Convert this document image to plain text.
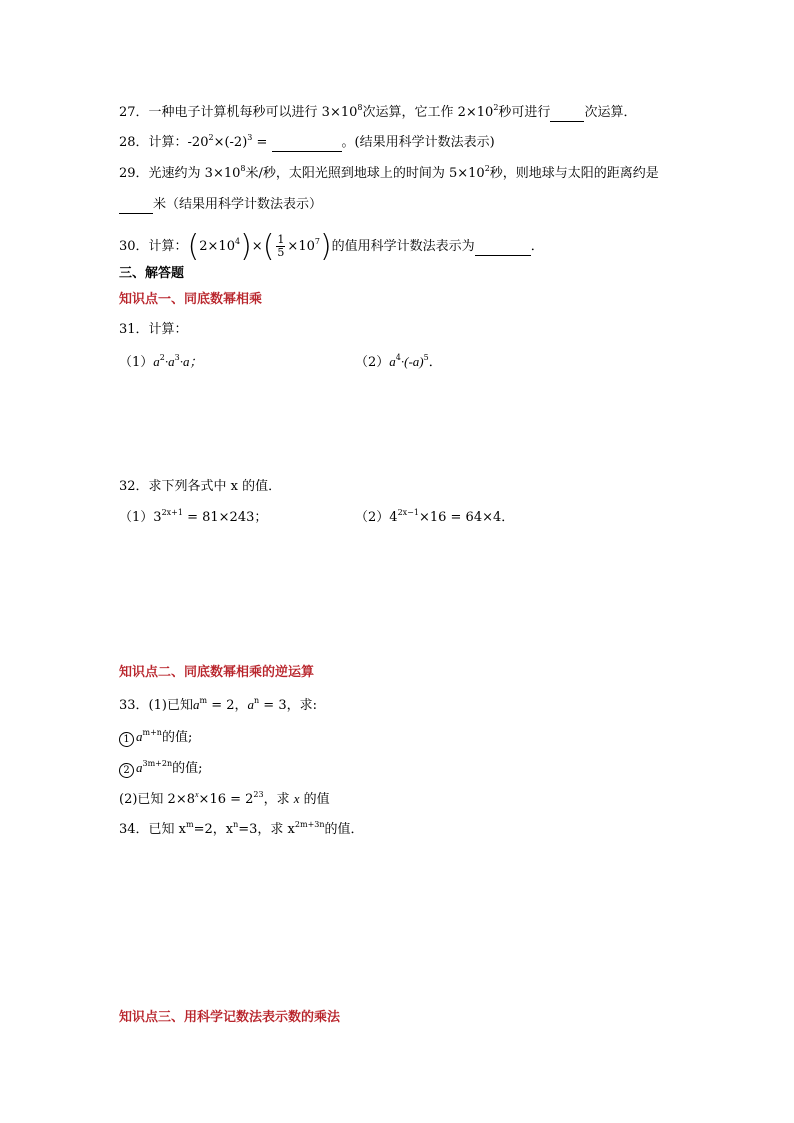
27．一种电子计算机每秒可以进行 $3\times 10^8$次运算，它工作 $2\times 10^2$秒可进行	次运算．
28．计算：$-20^2\times(-2)^3$ =	。(结果用科学计数法表示)
29．光速约为 $3\times 10^8$米/秒，太阳光照到地球上的时间为 $5\times 10^2$秒，则地球与太阳的距离约是
米（结果用科学计数法表示）
30．计算：$(2\times 10^4)\times( \frac{1}{5} \times 10^7)$的值用科学计数法表示为	．
三、解答题
知识点一、同底数幂相乘
31．计算：
$(1)a^2\cdot a^3\cdot a$；	$(2)a^4\cdot(-a)^5$．
32．求下列各式中 x 的值．
$(1)3^{2x+1} = 81\times 243$；	$(2)4^{2x-1}\times 16 = 64\times 4$．
知识点二、同底数幂相乘的逆运算
33．(1)已知$a^m = 2$，$a^n = 3$，求:
1 $a^{m+n}$的值;
2 $a^{3m+2n}$的值;
(2)已知 $2\times 8^x\times 16 = 2^{23}$，求 x 的值
34．已知 $x^m=2$，$x^n=3$，求 $x^{2m+3n}$的值．
知识点三、用科学记数法表示数的乘法
